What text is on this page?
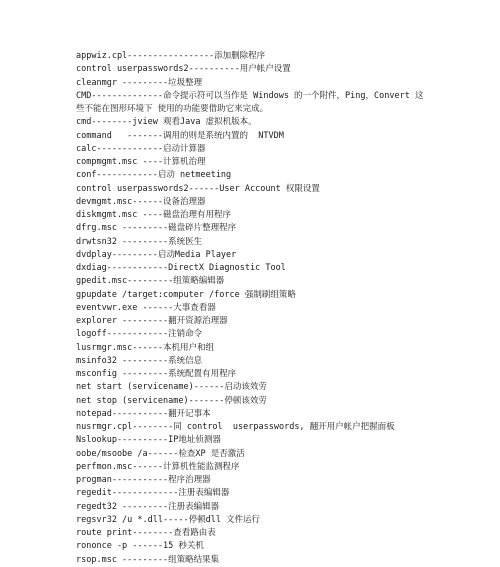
appwiz.cpl-----------------添加删除程序
control userpasswords2----------用户帐户设置
cleanmgr ---------垃圾整理
CMD--------------命令提示符可以当作是 Windows 的一个附件，Ping，Convert 这些不能在图形环境下 使用的功能要借助它来完成。
cmd--------jview 观看Java 虚拟机版本。
command   -------调用的则是系统内置的  NTVDM
calc-------------启动计算器
compmgmt.msc ----计算机治理
conf------------启动 netmeeting
control userpasswords2------User Account 权限设置
devmgmt.msc------设备治理器
diskmgmt.msc ----磁盘治理有用程序
dfrg.msc ---------磁盘碎片整理程序
drwtsn32 ---------系统医生
dvdplay---------启动Media Player
dxdiag------------DirectX Diagnostic Tool
gpedit.msc---------组策略编辑器
gpupdate /target:computer /force 强制刷组策略
eventvwr.exe ------大事查看器
explorer ---------翻开资源治理器
logoff------------注销命令
lusrmgr.msc------本机用户和组
msinfo32 ---------系统信息
msconfig ---------系统配置有用程序
net start (servicename)------启动该效劳
net stop (servicename)-------停顿该效劳
notepad-----------翻开记事本
nusrmgr.cpl--------同 control  userpasswords, 翻开用户帐户把握面板
Nslookup----------IP地址侦测器
oobe/msoobe /a------检查XP 是否激活
perfmon.msc------计算机性能监测程序
progman-----------程序治理器
regedit-------------注册表编辑器
regedt32 ---------注册表编辑器
regsvr32 /u *.dll-----停顿dll 文件运行
route print--------查看路由表
rononce -p ------15 秒关机
rsop.msc ---------组策略结果集
